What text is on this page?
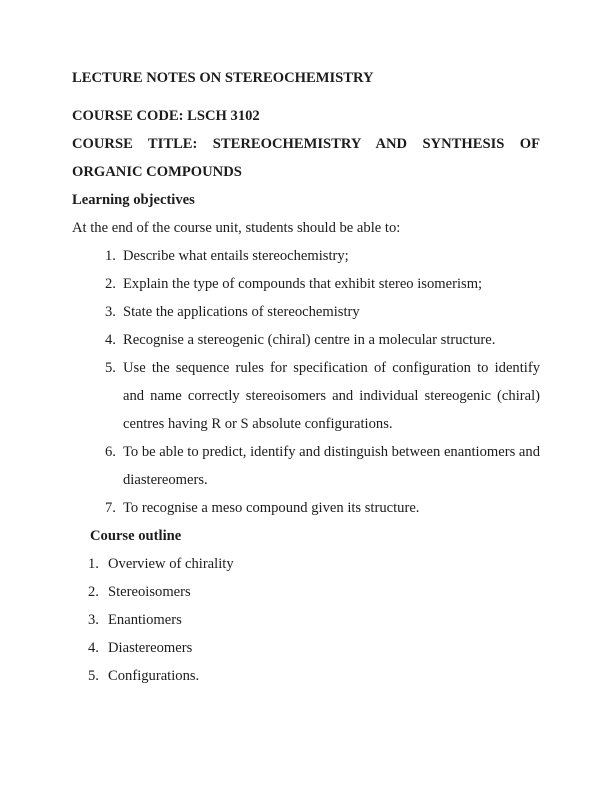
LECTURE NOTES ON STEREOCHEMISTRY

COURSE CODE: LSCH 3102

COURSE TITLE: STEREOCHEMISTRY AND SYNTHESIS OF ORGANIC COMPOUNDS

Learning objectives

At the end of the course unit, students should be able to:

Describe what entails stereochemistry;
Explain the type of compounds that exhibit stereo isomerism;
State the applications of stereochemistry
Recognise a stereogenic (chiral) centre in a molecular structure.
Use the sequence rules for specification of configuration to identify and name correctly stereoisomers and individual stereogenic (chiral) centres having R or S absolute configurations.
To be able to predict, identify and distinguish between enantiomers and diastereomers.
To recognise a meso compound given its structure.
Course outline
Overview of chirality
Stereoisomers
Enantiomers
Diastereomers
Configurations.
